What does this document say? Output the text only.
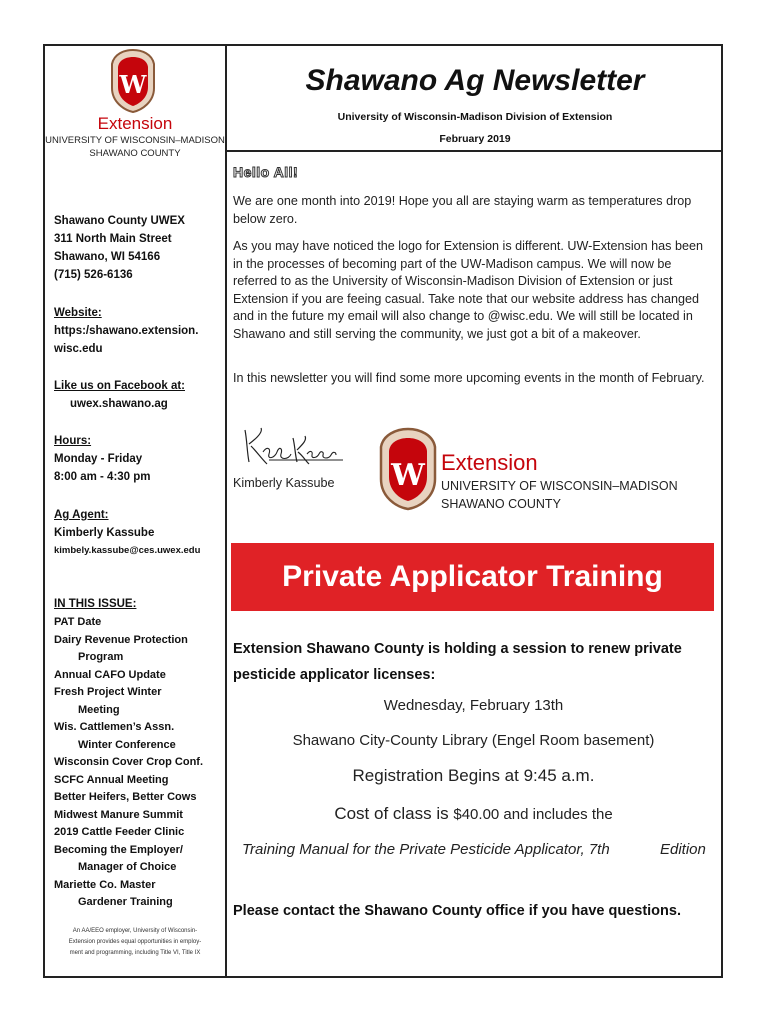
W
Extension
UNIVERSITY OF WISCONSIN–MADISON
SHAWANO COUNTY
Shawano Ag Newsletter
University of Wisconsin-Madison Division of Extension
February 2019
Shawano County UWEX
311 North Main Street
Shawano, WI 54166
(715) 526-6136
Website:
https:/shawano.extension.
wisc.edu
Like us on Facebook at:
uwex.shawano.ag
Hours:
Monday - Friday
8:00 am - 4:30 pm
Ag Agent:
Kimberly Kassube
kimbely.kassube@ces.uwex.edu
IN THIS ISSUE:
PAT Date
Dairy Revenue Protection
Program
Annual CAFO Update
Fresh Project Winter
Meeting
Wis. Cattlemen’s Assn.
Winter Conference
Wisconsin Cover Crop Conf.
SCFC Annual Meeting
Better Heifers, Better Cows
Midwest Manure Summit
2019 Cattle Feeder Clinic
Becoming the Employer/
Manager of Choice
Mariette Co. Master
Gardener Training
An AA/EEO employer, University of Wisconsin-
Extension provides equal opportunities in employ-
ment and programming, including Title VI, Title IX
Hello All!
We are one month into 2019! Hope you all are staying warm as temperatures drop below zero.
As you may have noticed the logo for Extension is different. UW-Extension has been in the processes of becoming part of the UW-Madison campus. We will now be referred to as the University of Wisconsin-Madison Division of Extension or just Extension if you are feeing casual. Take note that our website address has changed and in the future my email will also change to @wisc.edu. We will still be located in Shawano and still serving the community, we just got a bit of a makeover.
In this newsletter you will find some more upcoming events in the month of February.
Kimberly Kassube W Extension
UNIVERSITY OF WISCONSIN–MADISON
SHAWANO COUNTY
Private Applicator Training
Extension Shawano County is holding a session to renew private
pesticide applicator licenses:
Wednesday, February 13th
Shawano City-County Library (Engel Room basement)
Registration Begins at 9:45 a.m.
Cost of class is $40.00 and includes the
Training Manual for the Private Pesticide Applicator, 7th	Edition
Please contact the Shawano County office if you have questions.
